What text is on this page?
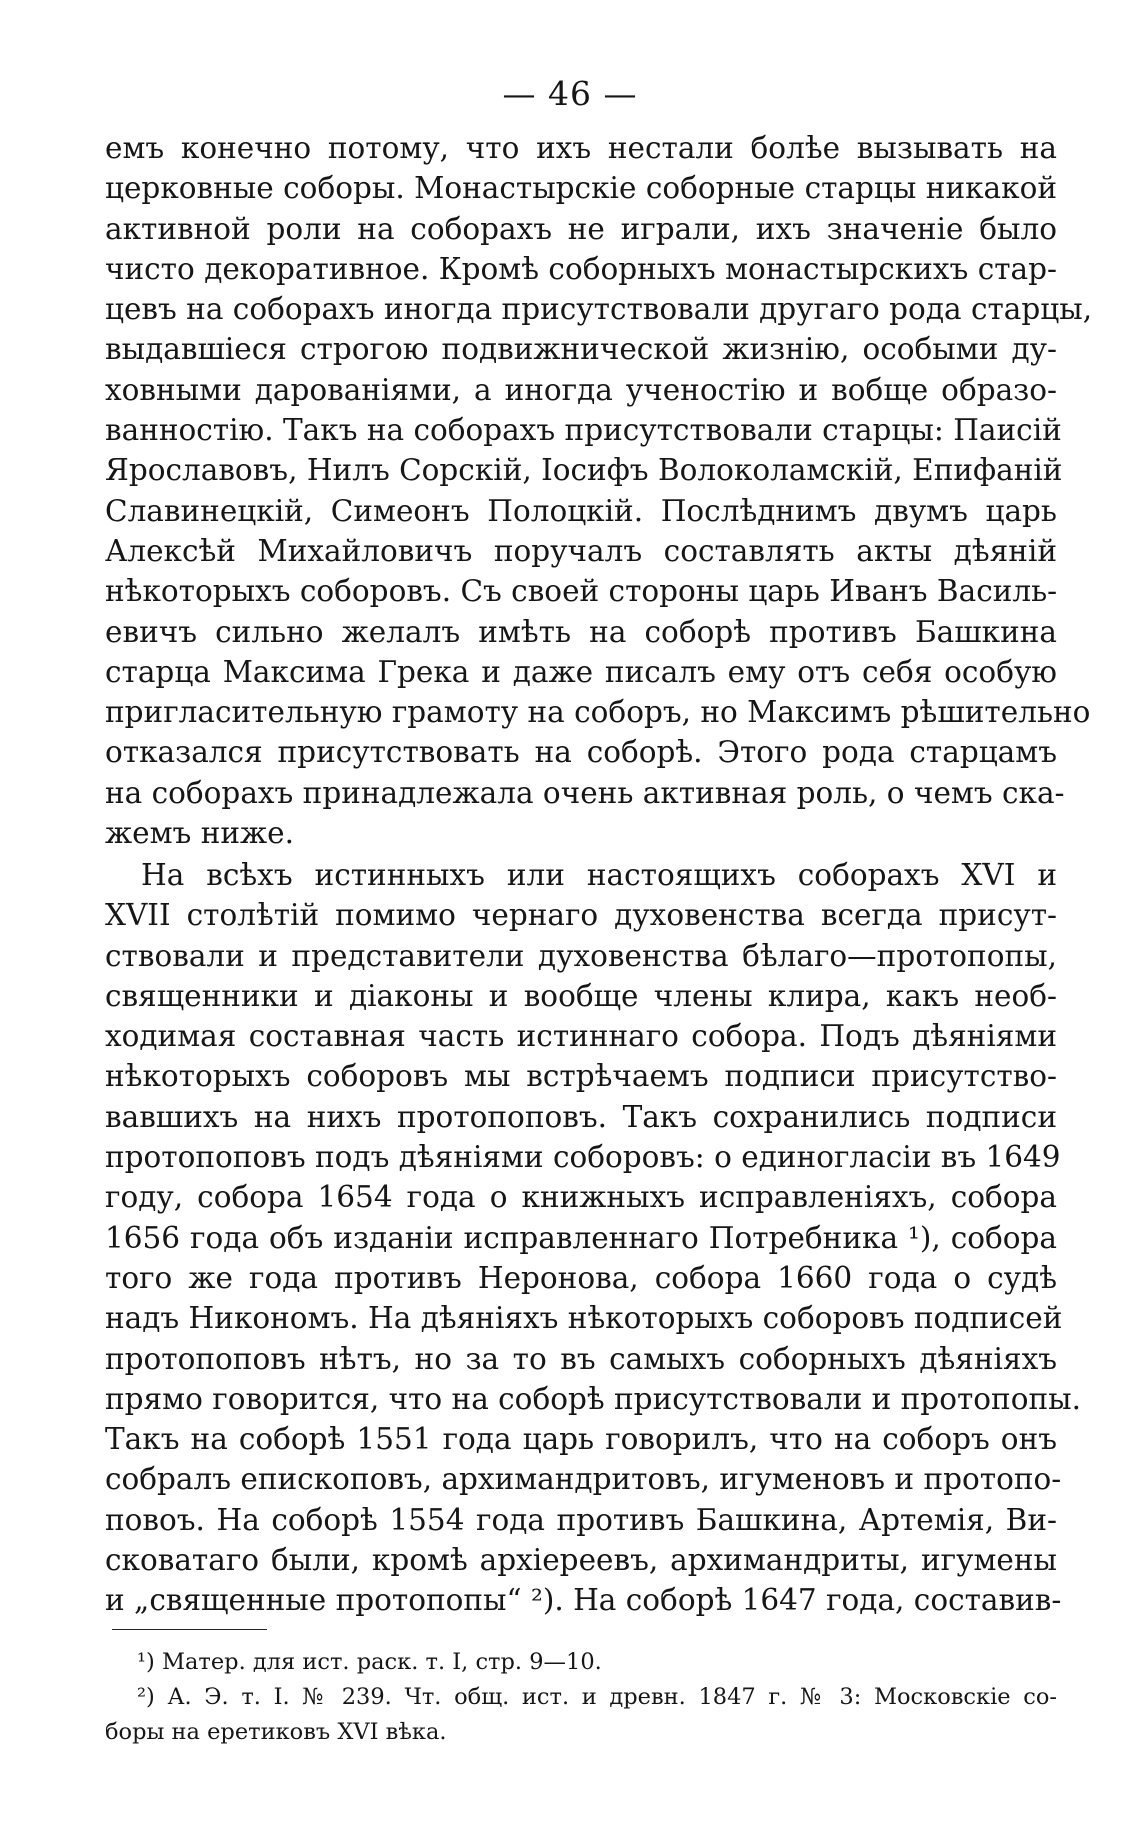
— 46 —
емъ конечно потому, что ихъ нестали болѣе вызывать на
церковные соборы. Монастырскіе соборные старцы никакой
активной роли на соборахъ не играли, ихъ значеніе было
чисто декоративное. Кромѣ соборныхъ монастырскихъ стар-
цевъ на соборахъ иногда присутствовали другаго рода старцы,
выдавшіеся строгою подвижнической жизнію, особыми ду-
ховными дарованіями, а иногда ученостію и вобще образо-
ванностію. Такъ на соборахъ присутствовали старцы: Паисій
Ярославовъ, Нилъ Сорскій, Іосифъ Волоколамскій, Епифаній
Славинецкій, Симеонъ Полоцкій. Послѣднимъ двумъ царь
Алексѣй Михайловичъ поручалъ составлять акты дѣяній
нѣкоторыхъ соборовъ. Съ своей стороны царь Иванъ Василь-
евичъ сильно желалъ имѣть на соборѣ противъ Башкина
старца Максима Грека и даже писалъ ему отъ себя особую
пригласительную грамоту на соборъ, но Максимъ рѣшительно
отказался присутствовать на соборѣ. Этого рода старцамъ
на соборахъ принадлежала очень активная роль, о чемъ ска-
жемъ ниже.
На всѣхъ истинныхъ или настоящихъ соборахъ XVI и
XVII столѣтій помимо чернаго духовенства всегда присут-
ствовали и представители духовенства бѣлаго—протопопы,
священники и діаконы и вообще члены клира, какъ необ-
ходимая составная часть истиннаго собора. Подъ дѣяніями
нѣкоторыхъ соборовъ мы встрѣчаемъ подписи присутство-
вавшихъ на нихъ протопоповъ. Такъ сохранились подписи
протопоповъ подъ дѣяніями соборовъ: о единогласіи въ 1649
году, собора 1654 года о книжныхъ исправленіяхъ, собора
1656 года объ изданіи исправленнаго Потребника ¹), собора
того же года противъ Неронова, собора 1660 года о судѣ
надъ Никономъ. На дѣяніяхъ нѣкоторыхъ соборовъ подписей
протопоповъ нѣтъ, но за то въ самыхъ соборныхъ дѣяніяхъ
прямо говорится, что на соборѣ присутствовали и протопопы.
Такъ на соборѣ 1551 года царь говорилъ, что на соборъ онъ
собралъ епископовъ, архимандритовъ, игуменовъ и протопо-
повоъ. На соборѣ 1554 года противъ Башкина, Артемія, Ви-
сковатаго были, кромѣ архіереевъ, архимандриты, игумены
и „священные протопопы“ ²). На соборѣ 1647 года, составив-
¹) Матер. для ист. раск. т. І, стр. 9—10.
²) А. Э. т. І. № 239. Чт. общ. ист. и древн. 1847 г. № 3: Московскіе со-
боры на еретиковъ XVI вѣка.
